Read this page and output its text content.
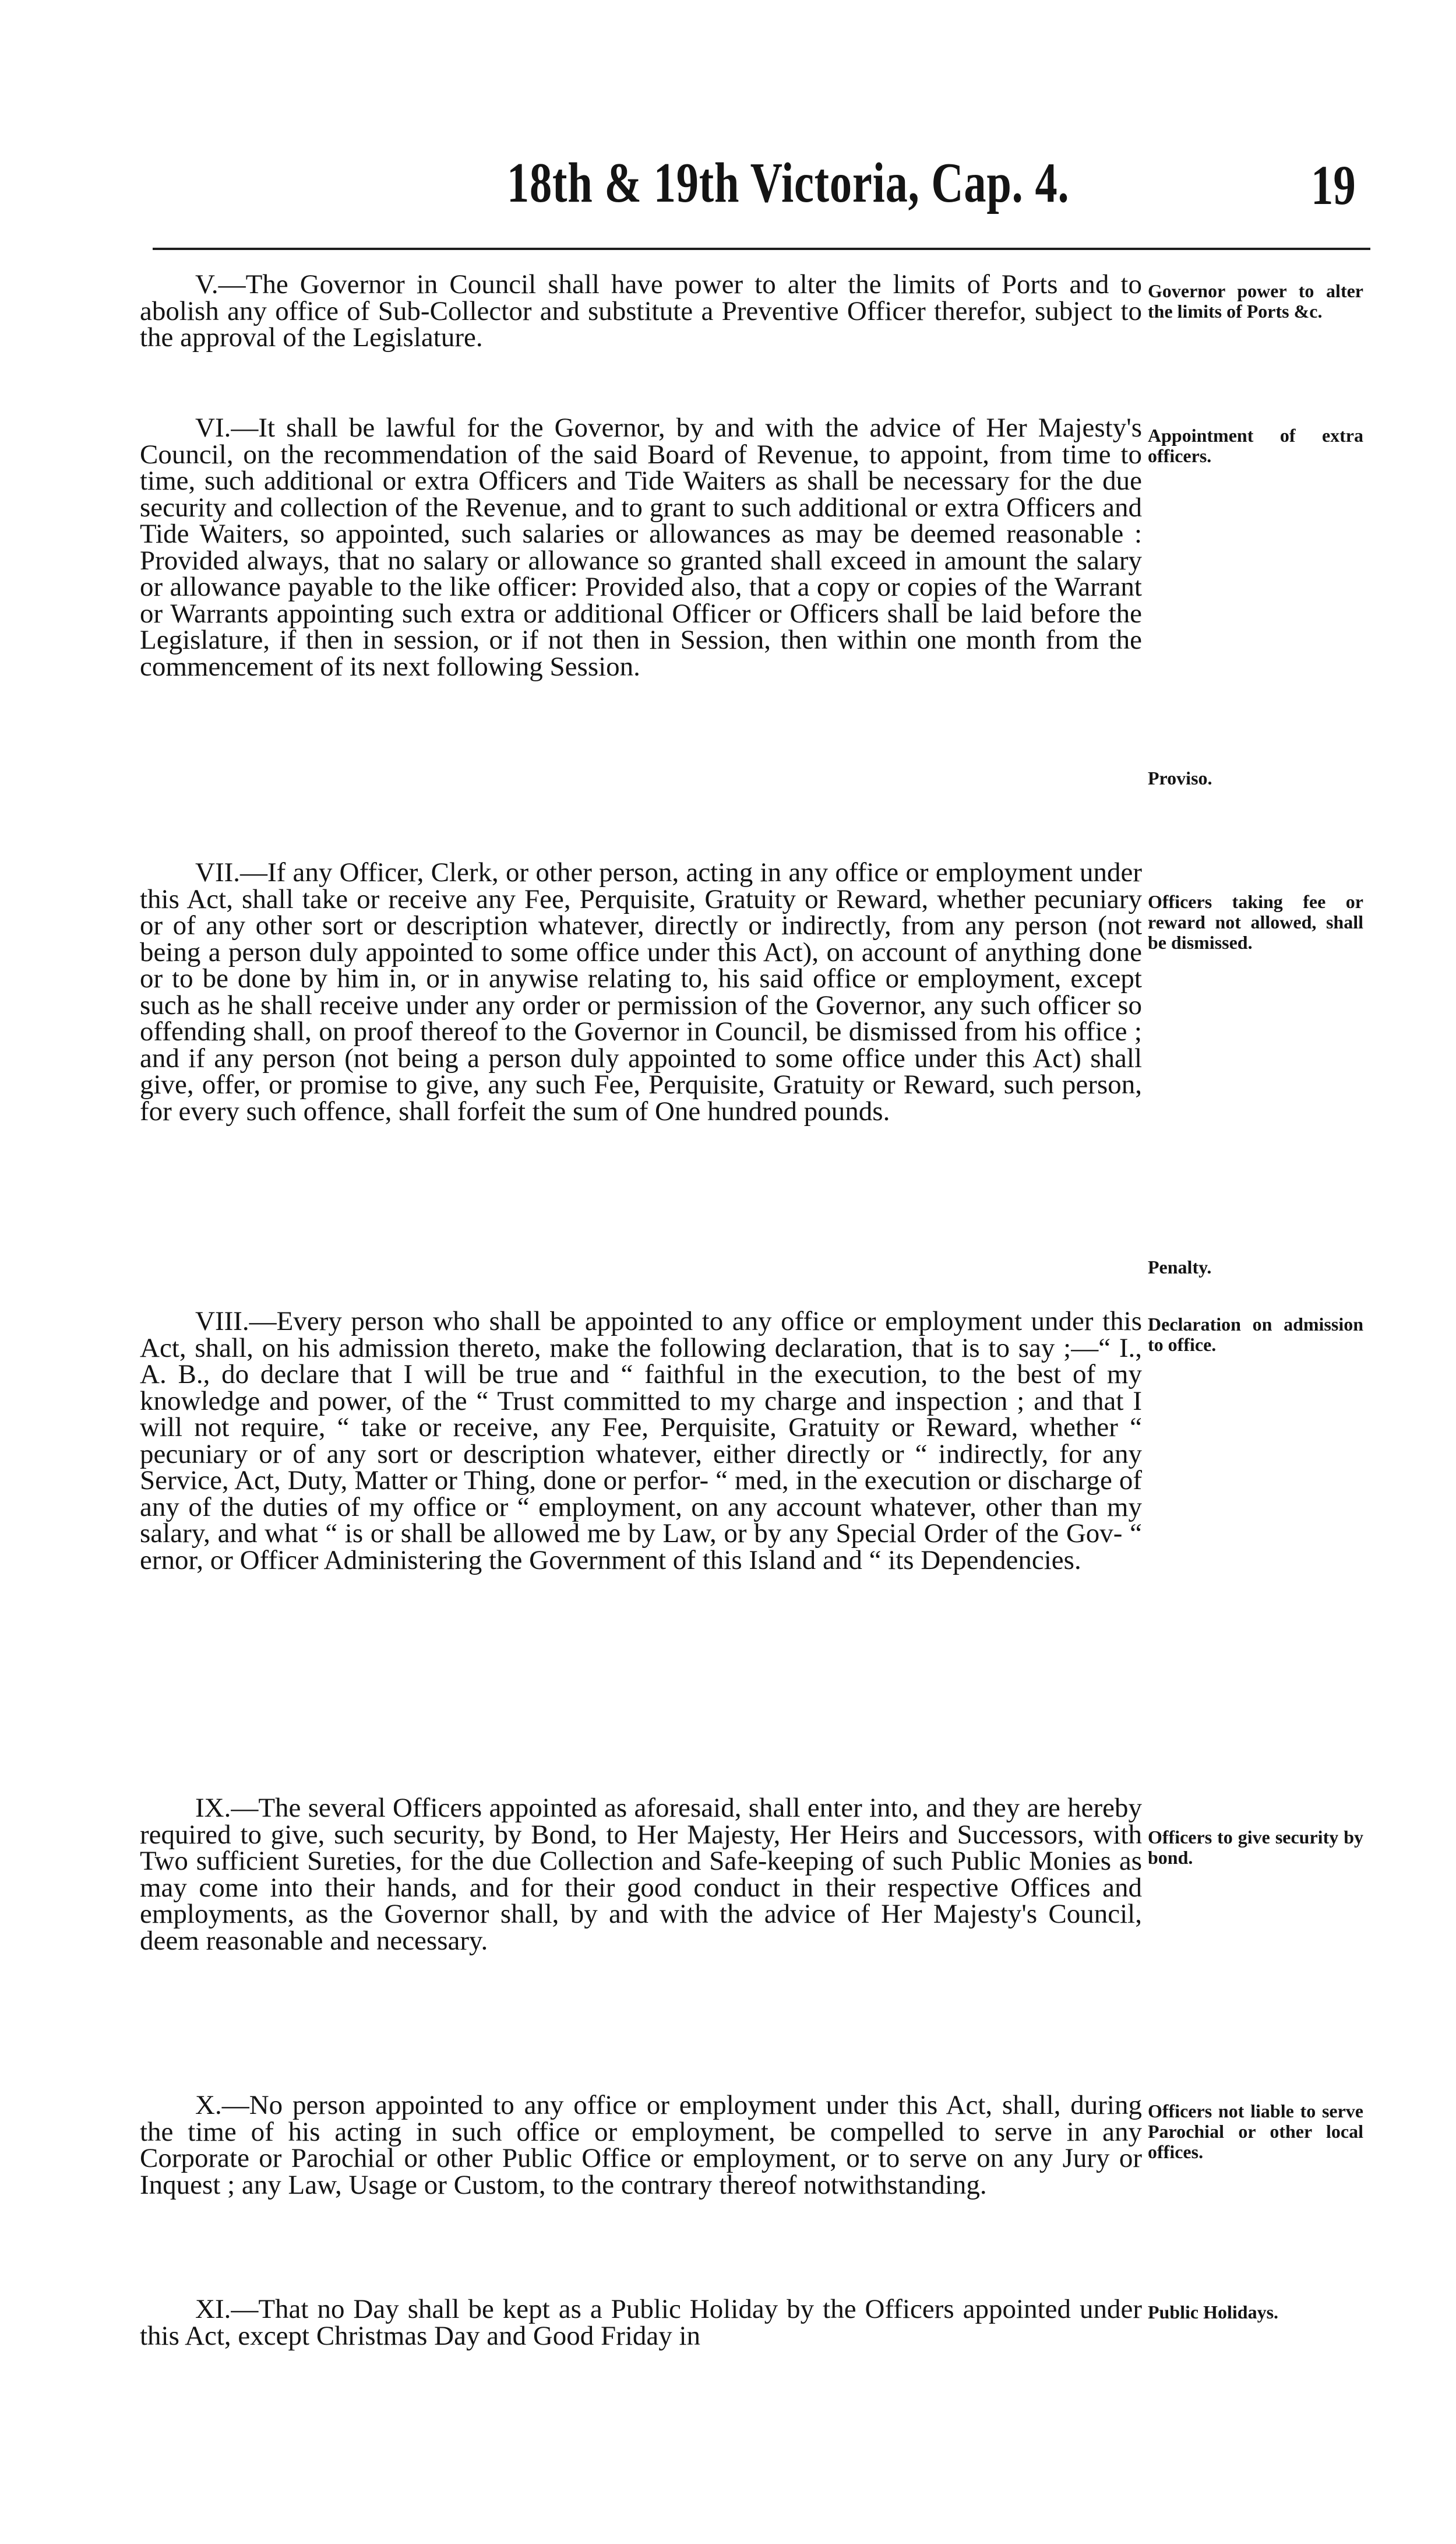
18th & 19th Victoria, Cap. 4.	19

V.—The Governor in Council shall have power to alter the limits of Ports and to abolish any office of Sub-Collector and substitute a Preventive Officer therefor, subject to the approval of the Legislature.

Governor power to alter the limits of Ports &c.

VI.—It shall be lawful for the Governor, by and with the advice of Her Majesty's Council, on the recommendation of the said Board of Revenue, to appoint, from time to time, such additional or extra Officers and Tide Waiters as shall be necessary for the due security and collection of the Revenue, and to grant to such additional or extra Officers and Tide Waiters, so appointed, such salaries or allowances as may be deemed reasonable : Provided always, that no salary or allowance so granted shall exceed in amount the salary or allowance payable to the like officer: Provided also, that a copy or copies of the Warrant or Warrants appointing such extra or additional Officer or Officers shall be laid before the Legislature, if then in session, or if not then in Session, then within one month from the commencement of its next following Session.

Appointment of extra officers.

Proviso.

VII.—If any Officer, Clerk, or other person, acting in any office or employment under this Act, shall take or receive any Fee, Perquisite, Gratuity or Reward, whether pecuniary or of any other sort or description whatever, directly or indirectly, from any person (not being a person duly appointed to some office under this Act), on account of anything done or to be done by him in, or in anywise relating to, his said office or employment, except such as he shall receive under any order or permission of the Governor, any such officer so offending shall, on proof thereof to the Governor in Council, be dismissed from his office ; and if any person (not being a person duly appointed to some office under this Act) shall give, offer, or promise to give, any such Fee, Perquisite, Gratuity or Reward, such person, for every such offence, shall forfeit the sum of One hundred pounds.

Officers taking fee or reward not allowed, shall be dismissed.

Penalty.

VIII.—Every person who shall be appointed to any office or employment under this Act, shall, on his admission thereto, make the following declaration, that is to say ;—“ I., A. B., do declare that I will be true and “ faithful in the execution, to the best of my knowledge and power, of the “ Trust committed to my charge and inspection ; and that I will not require, “ take or receive, any Fee, Perquisite, Gratuity or Reward, whether “ pecuniary or of any sort or description whatever, either directly or “ indirectly, for any Service, Act, Duty, Matter or Thing, done or perfor- “ med, in the execution or discharge of any of the duties of my office or “ employment, on any account whatever, other than my salary, and what “ is or shall be allowed me by Law, or by any Special Order of the Gov- “ ernor, or Officer Administering the Government of this Island and “ its Dependencies.

Declaration on admission to office.

IX.—The several Officers appointed as aforesaid, shall enter into, and they are hereby required to give, such security, by Bond, to Her Majesty, Her Heirs and Successors, with Two sufficient Sureties, for the due Collection and Safe-keeping of such Public Monies as may come into their hands, and for their good conduct in their respective Offices and employments, as the Governor shall, by and with the advice of Her Majesty's Council, deem reasonable and necessary.

Officers to give security by bond.

X.—No person appointed to any office or employment under this Act, shall, during the time of his acting in such office or employment, be compelled to serve in any Corporate or Parochial or other Public Office or employment, or to serve on any Jury or Inquest ; any Law, Usage or Custom, to the contrary thereof notwithstanding.

Officers not liable to serve Parochial or other local offices.

XI.—That no Day shall be kept as a Public Holiday by the Officers appointed under this Act, except Christmas Day and Good Friday in

Public Holidays.
